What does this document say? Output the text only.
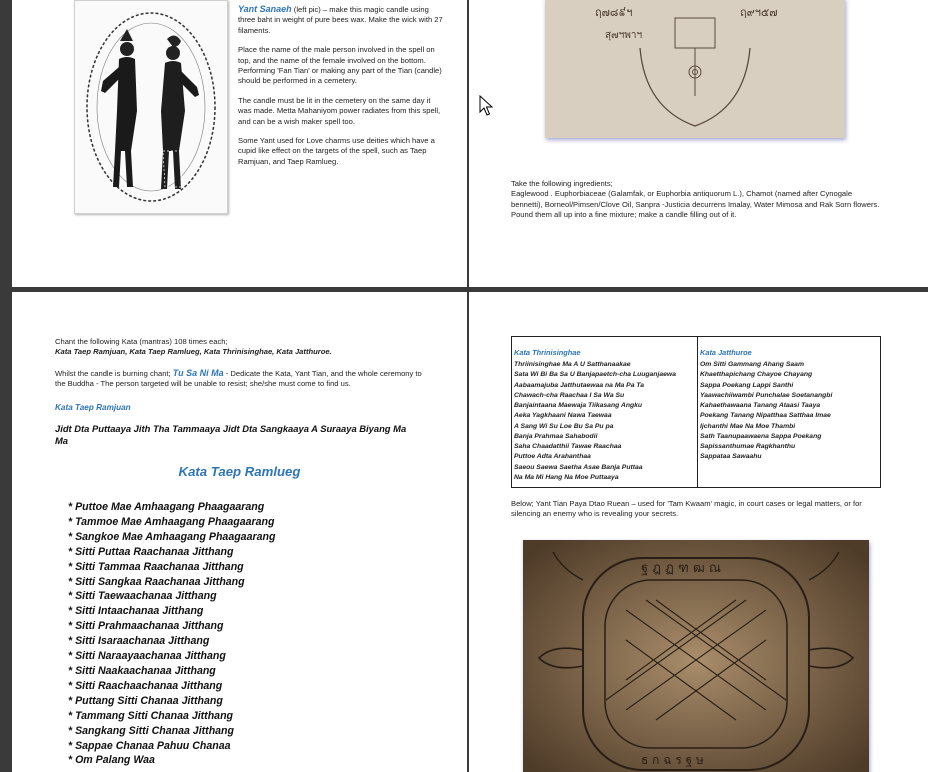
Yant Sanaeh (left pic) – make this magic candle using three baht in weight of pure bees wax. Make the wick with 27 filaments.

Place the name of the male person involved in the spell on top, and the name of the female involved on the bottom. Performing 'Fan Tian' or making any part of the Tian (candle) should be performed in a cemetery.

The candle must be lit in the cemetery on the same day it was made. Metta Mahaniyom power radiates from this spell, and can be a wish maker spell too.

Some Yant used for Love charms use deities which have a cupid like effect on the targets of the spell, such as Taep Ramjuan, and Taep Ramlueg.

ฤ๗๘៩ฯ	ฤ๙ฯ๕๗
สุ๗ฯพาฯ
Take the following ingredients;
Eaglewood . Euphorbiaceae (Galamfak, or Euphorbia antiquorum L.), Chamot (named after Cynogale bennetti), Borneol/Pimsen/Clove Oil, Sanpra -Justicia decurrens Imalay, Water Mimosa and Rak Sorn flowers.
Pound them all up into a fine mixture; make a candle filling out of it.
Chant the following Kata (mantras) 108 times each;
Kata Taep Ramjuan, Kata Taep Ramlueg, Kata Thrinisinghae, Kata Jatthuroe.
Whilst the candle is burning chant; Tu Sa Ni Ma - Dedicate the Kata, Yant Tian, and the whole ceremony to the Buddha - The person targeted will be unable to resist; she/she must come to find us.
Kata Taep Ramjuan
Jidt Dta Puttaaya Jith Tha Tammaaya Jidt Dta Sangkaaya A Suraaya Biyang Ma Ma
Kata Taep Ramlueg
* Puttoe Mae Amhaagang Phaagaarang
* Tammoe Mae Amhaagang Phaagaarang
* Sangkoe Mae Amhaagang Phaagaarang
* Sitti Puttaa Raachanaa Jitthang
* Sitti Tammaa Raachanaa Jitthang
* Sitti Sangkaa Raachanaa Jitthang
* Sitti Taewaachanaa Jitthang
* Sitti Intaachanaa Jitthang
* Sitti Prahmaachanaa Jitthang
* Sitti Isaraachanaa Jitthang
* Sitti Naraayaachanaa Jitthang
* Sitti Naakaachanaa Jitthang
* Sitti Raachaachanaa Jitthang
* Puttang Sitti Chanaa Jitthang
* Tammang Sitti Chanaa Jitthang
* Sangkang Sitti Chanaa Jitthang
* Sappae Chanaa Pahuu Chanaa
* Om Palang Waa
Kata Thrinisinghae
Thriinisinghae Ma A U Satthanaakae
Sata Wi Bi Ba Sa U Banjapaetch-cha Luuganjaewa
Aabaamajuba Jatthutaewaa na Ma Pa Ta
Chawach-cha Raachaa I Sa Wa Su
Banjaintaana Maewaja Tiikasang Angku
Aeka Yagkhaani Nawa Taewaa
A Sang Wi Su Loe Bu Sa Pu pa
Banja Prahmaa Sahabodii
Saha Chaadatthii Tawae Raachaa
Puttoe Adta Arahanthaa
Saeou Saewa Saetha Asae Banja Puttaa
Na Ma Mi Hang Na Moe Puttaaya
Kata Jatthuroe
Om Sitti Gammang Ahang Saam
Khaetthapichang Chayoe Chayang
Sappa Poekang Lappi Santhi
Yaawachiiwambi Punchalae Soetanangbi
Kahaethawaana Tanang Ataasi Taaya
Poekang Tanang Nipatthaa Satthaa Imae
Ijchanthi Mae Na Moe Thambi
Sath Taanupaawaena Sappa Poekang
Sapissanthumae Ragkhanthu
Sappataa Sawaahu
Below; Yant Tian Paya Dtao Ruean – used for 'Tam Kwaam' magic, in court cases or legal matters, or for silencing an enemy who is revealing your secrets.
ฐ ฎ ฏ ฑ ฒ ณ
ธ ก ฉ ร ฐ ษ
